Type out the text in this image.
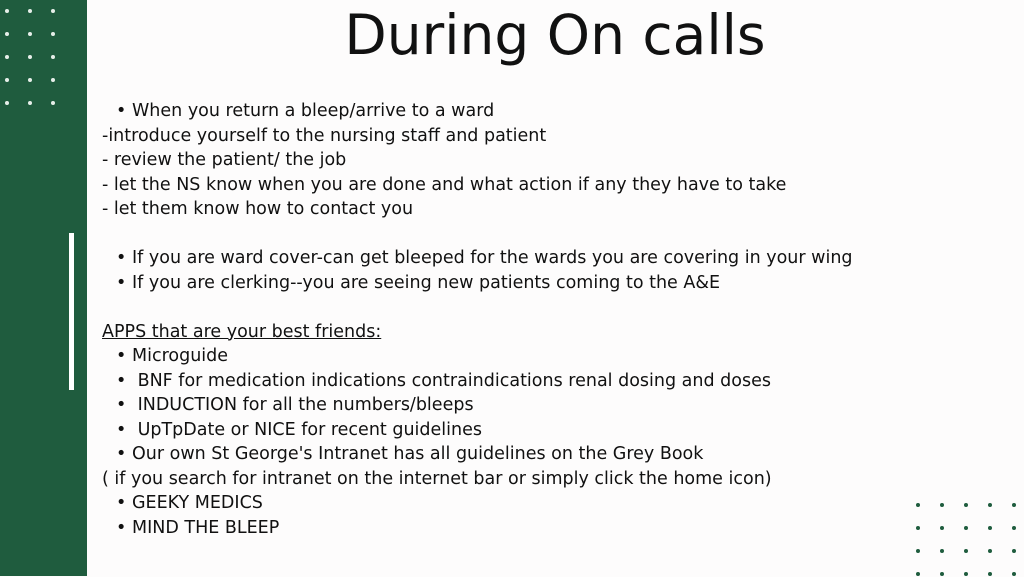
During On calls
• When you return a bleep/arrive to a ward
-introduce yourself to the nursing staff and patient
- review the patient/ the job
- let the NS know when you are done and what action if any they have to take
- let them know how to contact you
• If you are ward cover-can get bleeped for the wards you are covering in your wing
• If you are clerking--you are seeing new patients coming to the A&E
APPS that are your best friends:
• Microguide
• BNF for medication indications contraindications renal dosing and doses
• INDUCTION for all the numbers/bleeps
• UpTpDate or NICE for recent guidelines
• Our own St George's Intranet has all guidelines on the Grey Book
( if you search for intranet on the internet bar or simply click the home icon)
• GEEKY MEDICS
• MIND THE BLEEP
